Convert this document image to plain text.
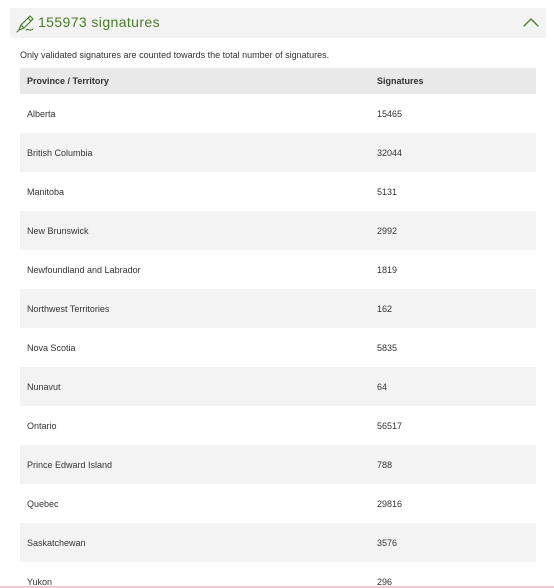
155973 signatures
Only validated signatures are counted towards the total number of signatures.
Province / Territory	Signatures
Alberta	15465
British Columbia	32044
Manitoba	5131
New Brunswick	2992
Newfoundland and Labrador	1819
Northwest Territories	162
Nova Scotia	5835
Nunavut	64
Ontario	56517
Prince Edward Island	788
Quebec	29816
Saskatchewan	3576
Yukon	296
